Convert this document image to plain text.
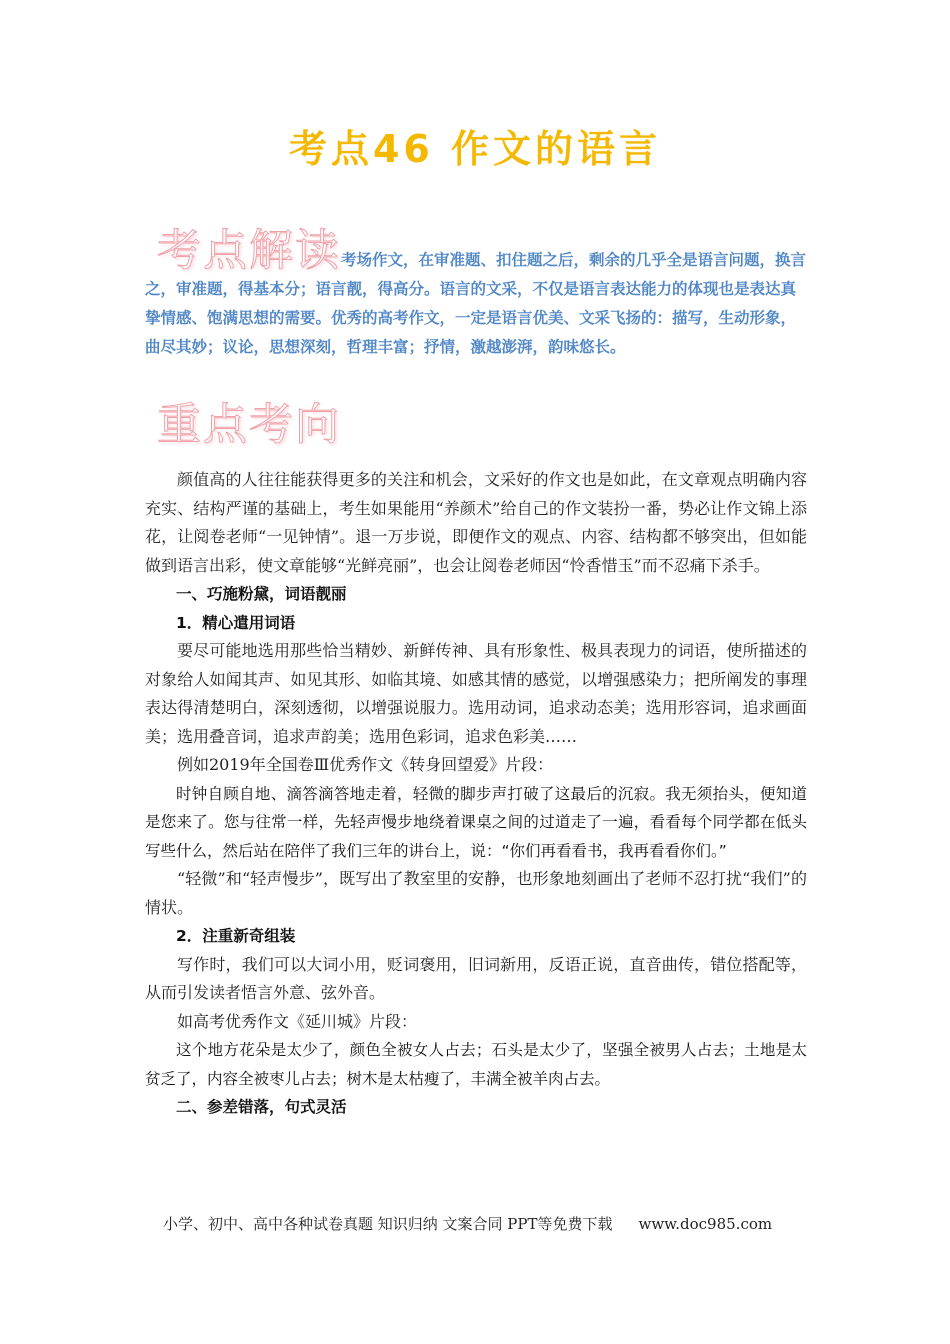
考点46 作文的语言
考点解读 考场作文，在审准题、扣住题之后，剩余的几乎全是语言问题，换言之，审准题，得基本分；语言靓，得高分。语言的文采，不仅是语言表达能力的体现也是表达真挚情感、饱满思想的需要。优秀的高考作文，一定是语言优美、文采飞扬的：描写，生动形象，曲尽其妙；议论，思想深刻，哲理丰富；抒情，激越澎湃，韵味悠长。
重点考向

颜值高的人往往能获得更多的关注和机会，文采好的作文也是如此，在文章观点明确内容充实、结构严谨的基础上，考生如果能用“养颜术”给自己的作文装扮一番，势必让作文锦上添花，让阅卷老师“一见钟情”。退一万步说，即便作文的观点、内容、结构都不够突出，但如能做到语言出彩，使文章能够“光鲜亮丽”，也会让阅卷老师因“怜香惜玉”而不忍痛下杀手。

一、巧施粉黛，词语靓丽

1．精心遣用词语

要尽可能地选用那些恰当精妙、新鲜传神、具有形象性、极具表现力的词语，使所描述的对象给人如闻其声、如见其形、如临其境、如感其情的感觉，以增强感染力；把所阐发的事理表达得清楚明白，深刻透彻，以增强说服力。选用动词，追求动态美；选用形容词，追求画面美；选用叠音词，追求声韵美；选用色彩词，追求色彩美……

例如2019年全国卷Ⅲ优秀作文《转身回望爱》片段：

时钟自顾自地、滴答滴答地走着，轻微的脚步声打破了这最后的沉寂。我无须抬头，便知道是您来了。您与往常一样，先轻声慢步地绕着课桌之间的过道走了一遍，看看每个同学都在低头写些什么，然后站在陪伴了我们三年的讲台上，说：“你们再看看书，我再看看你们。”

“轻微”和“轻声慢步”，既写出了教室里的安静，也形象地刻画出了老师不忍打扰“我们”的情状。

2．注重新奇组装

写作时，我们可以大词小用，贬词褒用，旧词新用，反语正说，直音曲传，错位搭配等，从而引发读者悟言外意、弦外音。

如高考优秀作文《延川城》片段：

这个地方花朵是太少了，颜色全被女人占去；石头是太少了，坚强全被男人占去；土地是太贫乏了，内容全被枣儿占去；树木是太枯瘦了，丰满全被羊肉占去。

二、参差错落，句式灵活

小学、初中、高中各种试卷真题 知识归纳 文案合同 PPT等免费下载 www.doc985.com
